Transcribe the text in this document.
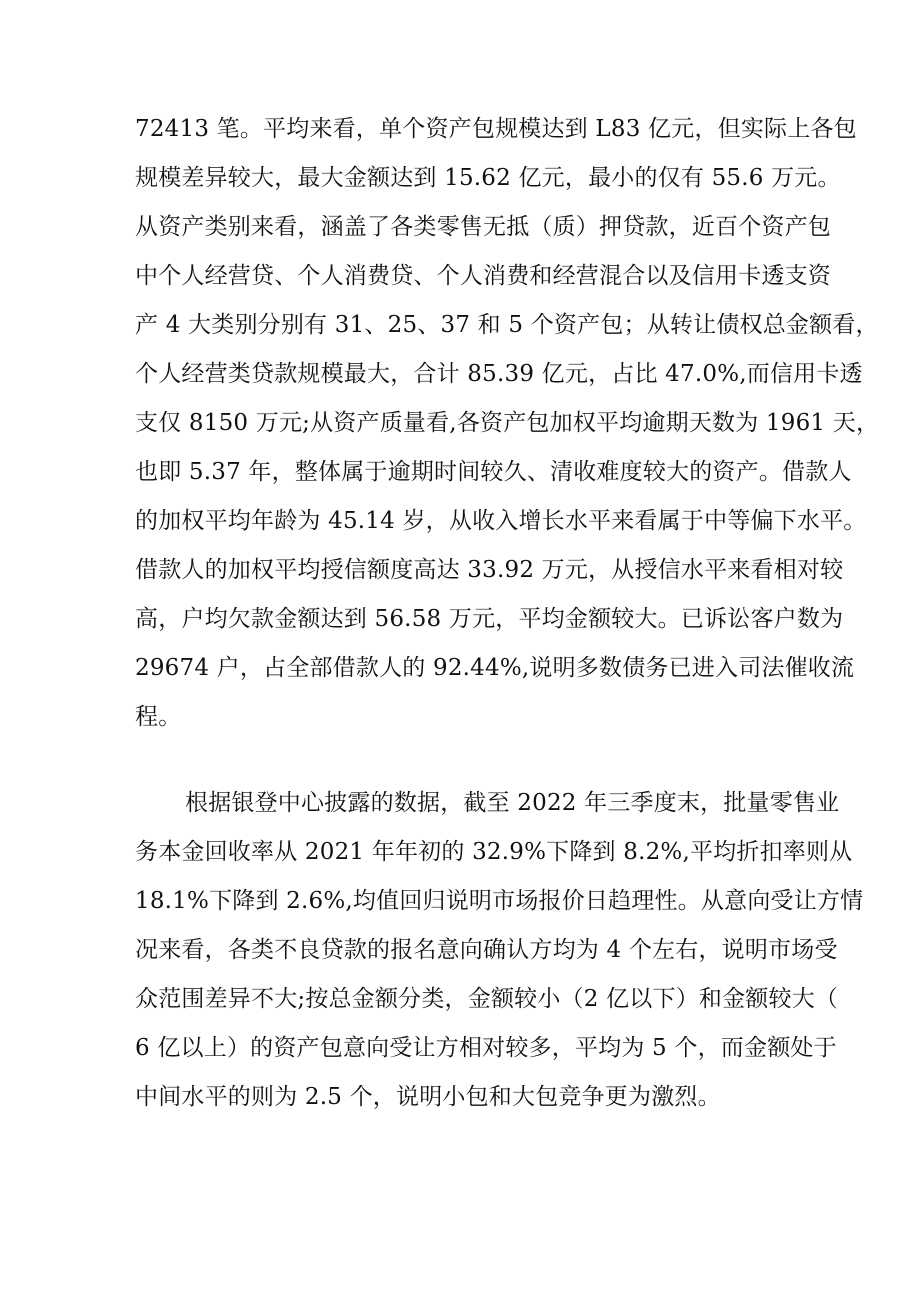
72413 笔。平均来看，单个资产包规模达到 L83 亿元，但实际上各包
规模差异较大，最大金额达到 15.62 亿元，最小的仅有 55.6 万元。
从资产类别来看，涵盖了各类零售无抵（质）押贷款，近百个资产包
中个人经营贷、个人消费贷、个人消费和经营混合以及信用卡透支资
产 4 大类别分别有 31、25、37 和 5 个资产包；从转让债权总金额看，
个人经营类贷款规模最大，合计 85.39 亿元，占比 47.0%,而信用卡透
支仅 8150 万元;从资产质量看,各资产包加权平均逾期天数为 1961 天，
也即 5.37 年，整体属于逾期时间较久、清收难度较大的资产。借款人
的加权平均年龄为 45.14 岁，从收入增长水平来看属于中等偏下水平。
借款人的加权平均授信额度高达 33.92 万元，从授信水平来看相对较
高，户均欠款金额达到 56.58 万元，平均金额较大。已诉讼客户数为
29674 户，占全部借款人的 92.44%,说明多数债务已进入司法催收流
程。
根据银登中心披露的数据，截至 2022 年三季度末，批量零售业
务本金回收率从 2021 年年初的 32.9%下降到 8.2%,平均折扣率则从
18.1%下降到 2.6%,均值回归说明市场报价日趋理性。从意向受让方情
况来看，各类不良贷款的报名意向确认方均为 4 个左右，说明市场受
众范围差异不大;按总金额分类，金额较小（2 亿以下）和金额较大（
6 亿以上）的资产包意向受让方相对较多，平均为 5 个，而金额处于
中间水平的则为 2.5 个，说明小包和大包竞争更为激烈。
